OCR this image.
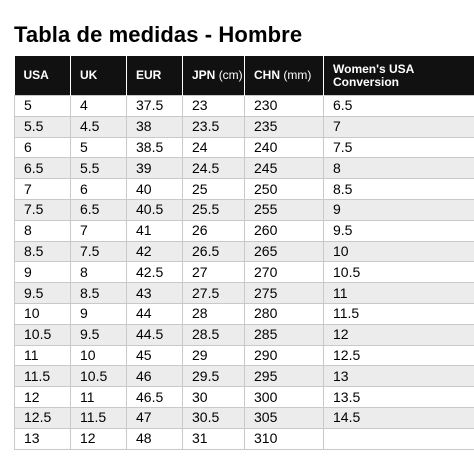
Tabla de medidas - Hombre
USA	UK	EUR	JPN (cm)	CHN (mm)	Women's USA Conversion
5	4	37.5	23	230	6.5
5.5	4.5	38	23.5	235	7
6	5	38.5	24	240	7.5
6.5	5.5	39	24.5	245	8
7	6	40	25	250	8.5
7.5	6.5	40.5	25.5	255	9
8	7	41	26	260	9.5
8.5	7.5	42	26.5	265	10
9	8	42.5	27	270	10.5
9.5	8.5	43	27.5	275	11
10	9	44	28	280	11.5
10.5	9.5	44.5	28.5	285	12
11	10	45	29	290	12.5
11.5	10.5	46	29.5	295	13
12	11	46.5	30	300	13.5
12.5	11.5	47	30.5	305	14.5
13	12	48	31	310	
